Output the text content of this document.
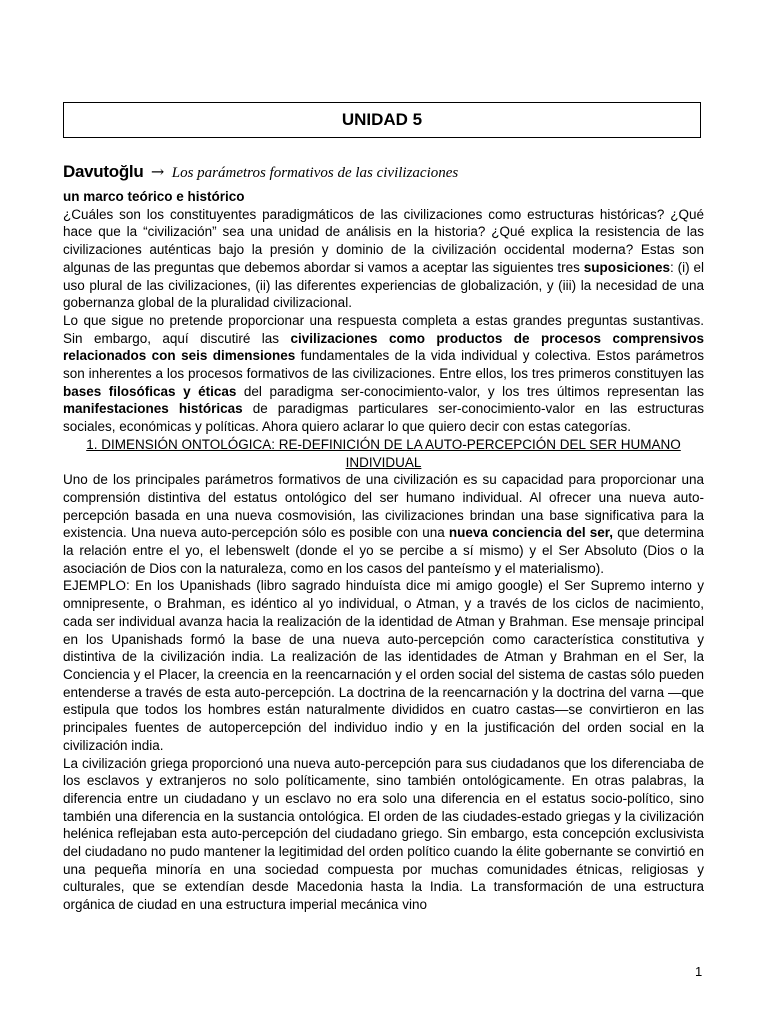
UNIDAD 5
Davutoğlu → Los parámetros formativos de las civilizaciones

un marco teórico e histórico

¿Cuáles son los constituyentes paradigmáticos de las civilizaciones como estructuras históricas? ¿Qué hace que la “civilización” sea una unidad de análisis en la historia? ¿Qué explica la resistencia de las civilizaciones auténticas bajo la presión y dominio de la civilización occidental moderna? Estas son algunas de las preguntas que debemos abordar si vamos a aceptar las siguientes tres suposiciones: (i) el uso plural de las civilizaciones, (ii) las diferentes experiencias de globalización, y (iii) la necesidad de una gobernanza global de la pluralidad civilizacional.

Lo que sigue no pretende proporcionar una respuesta completa a estas grandes preguntas sustantivas. Sin embargo, aquí discutiré las civilizaciones como productos de procesos comprensivos relacionados con seis dimensiones fundamentales de la vida individual y colectiva. Estos parámetros son inherentes a los procesos formativos de las civilizaciones. Entre ellos, los tres primeros constituyen las bases filosóficas y éticas del paradigma ser-conocimiento-valor, y los tres últimos representan las manifestaciones históricas de paradigmas particulares ser-conocimiento-valor en las estructuras sociales, económicas y políticas. Ahora quiero aclarar lo que quiero decir con estas categorías.

1. DIMENSIÓN ONTOLÓGICA: RE-DEFINICIÓN DE LA AUTO-PERCEPCIÓN DEL SER HUMANO INDIVIDUAL

Uno de los principales parámetros formativos de una civilización es su capacidad para proporcionar una comprensión distintiva del estatus ontológico del ser humano individual. Al ofrecer una nueva auto-percepción basada en una nueva cosmovisión, las civilizaciones brindan una base significativa para la existencia. Una nueva auto-percepción sólo es posible con una nueva conciencia del ser, que determina la relación entre el yo, el lebenswelt (donde el yo se percibe a sí mismo) y el Ser Absoluto (Dios o la asociación de Dios con la naturaleza, como en los casos del panteísmo y el materialismo).

EJEMPLO: En los Upanishads (libro sagrado hinduísta dice mi amigo google) el Ser Supremo interno y omnipresente, o Brahman, es idéntico al yo individual, o Atman, y a través de los ciclos de nacimiento, cada ser individual avanza hacia la realización de la identidad de Atman y Brahman. Ese mensaje principal en los Upanishads formó la base de una nueva auto-percepción como característica constitutiva y distintiva de la civilización india. La realización de las identidades de Atman y Brahman en el Ser, la Conciencia y el Placer, la creencia en la reencarnación y el orden social del sistema de castas sólo pueden entenderse a través de esta auto-percepción. La doctrina de la reencarnación y la doctrina del varna —que estipula que todos los hombres están naturalmente divididos en cuatro castas—se convirtieron en las principales fuentes de autopercepción del individuo indio y en la justificación del orden social en la civilización india.

La civilización griega proporcionó una nueva auto-percepción para sus ciudadanos que los diferenciaba de los esclavos y extranjeros no solo políticamente, sino también ontológicamente. En otras palabras, la diferencia entre un ciudadano y un esclavo no era solo una diferencia en el estatus socio-político, sino también una diferencia en la sustancia ontológica. El orden de las ciudades-estado griegas y la civilización helénica reflejaban esta auto-percepción del ciudadano griego. Sin embargo, esta concepción exclusivista del ciudadano no pudo mantener la legitimidad del orden político cuando la élite gobernante se convirtió en una pequeña minoría en una sociedad compuesta por muchas comunidades étnicas, religiosas y culturales, que se extendían desde Macedonia hasta la India. La transformación de una estructura orgánica de ciudad en una estructura imperial mecánica vino

1
